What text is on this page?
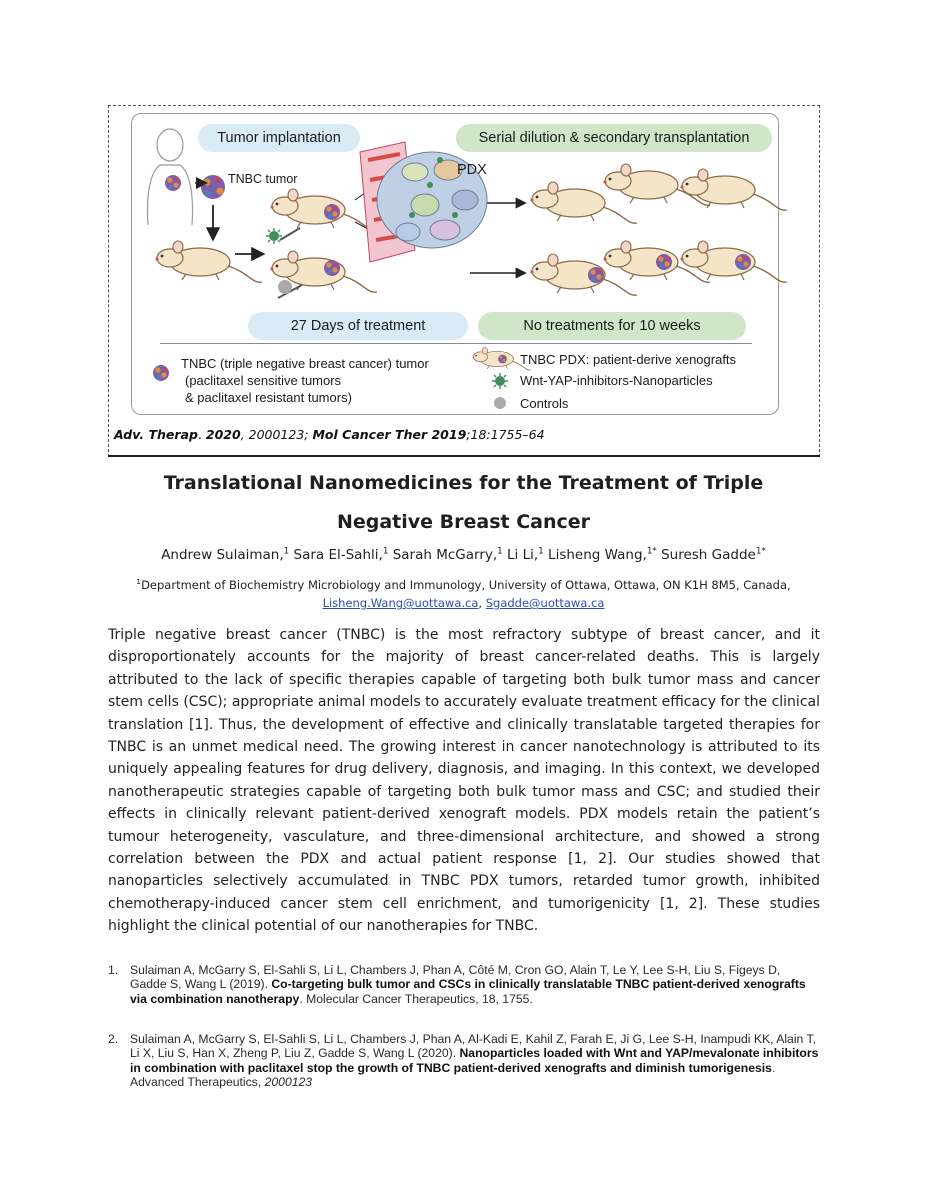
Tumor implantation	Serial dilution & secondary transplantation
TNBC tumor
PDX
27 Days of treatment	No treatments for 10 weeks
TNBC (triple negative breast cancer) tumor
(paclitaxel sensitive tumors
& paclitaxel resistant tumors)
TNBC PDX: patient-derive xenografts
Wnt-YAP-inhibitors-Nanoparticles
Controls
Adv. Therap. 2020, 2000123; Mol Cancer Ther 2019;18:1755–64
Translational Nanomedicines for the Treatment of Triple
Negative Breast Cancer
Andrew Sulaiman,$^1$ Sara El-Sahli,$^1$ Sarah McGarry,$^1$ Li Li,$^1$ Lisheng Wang,$^{1*}$ Suresh Gadde$^{1*}$
$^1$Department of Biochemistry Microbiology and Immunology, University of Ottawa, Ottawa, ON K1H 8M5, Canada,
Lisheng.Wang@uottawa.ca, Sgadde@uottawa.ca

Triple negative breast cancer (TNBC) is the most refractory subtype of breast cancer, and it disproportionately accounts for the majority of breast cancer-related deaths. This is largely attributed to the lack of specific therapies capable of targeting both bulk tumor mass and cancer stem cells (CSC); appropriate animal models to accurately evaluate treatment efficacy for the clinical translation [1]. Thus, the development of effective and clinically translatable targeted therapies for TNBC is an unmet medical need. The growing interest in cancer nanotechnology is attributed to its uniquely appealing features for drug delivery, diagnosis, and imaging. In this context, we developed nanotherapeutic strategies capable of targeting both bulk tumor mass and CSC; and studied their effects in clinically relevant patient-derived xenograft models. PDX models retain the patient’s tumour heterogeneity, vasculature, and three-dimensional architecture, and showed a strong correlation between the PDX and actual patient response [1, 2]. Our studies showed that nanoparticles selectively accumulated in TNBC PDX tumors, retarded tumor growth, inhibited chemotherapy-induced cancer stem cell enrichment, and tumorigenicity [1, 2]. These studies highlight the clinical potential of our nanotherapies for TNBC.

1. Sulaiman A, McGarry S, El-Sahli S, Li L, Chambers J, Phan A, Côté M, Cron GO, Alain T, Le Y, Lee S-H, Liu S, Figeys D, Gadde S, Wang L (2019). Co-targeting bulk tumor and CSCs in clinically translatable TNBC patient-derived xenografts via combination nanotherapy. Molecular Cancer Therapeutics, 18, 1755.
2. Sulaiman A, McGarry S, El-Sahli S, Li L, Chambers J, Phan A, Al-Kadi E, Kahil Z, Farah E, Ji G, Lee S-H, Inampudi KK, Alain T, Li X, Liu S, Han X, Zheng P, Liu Z, Gadde S, Wang L (2020). Nanoparticles loaded with Wnt and YAP/mevalonate inhibitors in combination with paclitaxel stop the growth of TNBC patient-derived xenografts and diminish tumorigenesis. Advanced Therapeutics, 2000123
